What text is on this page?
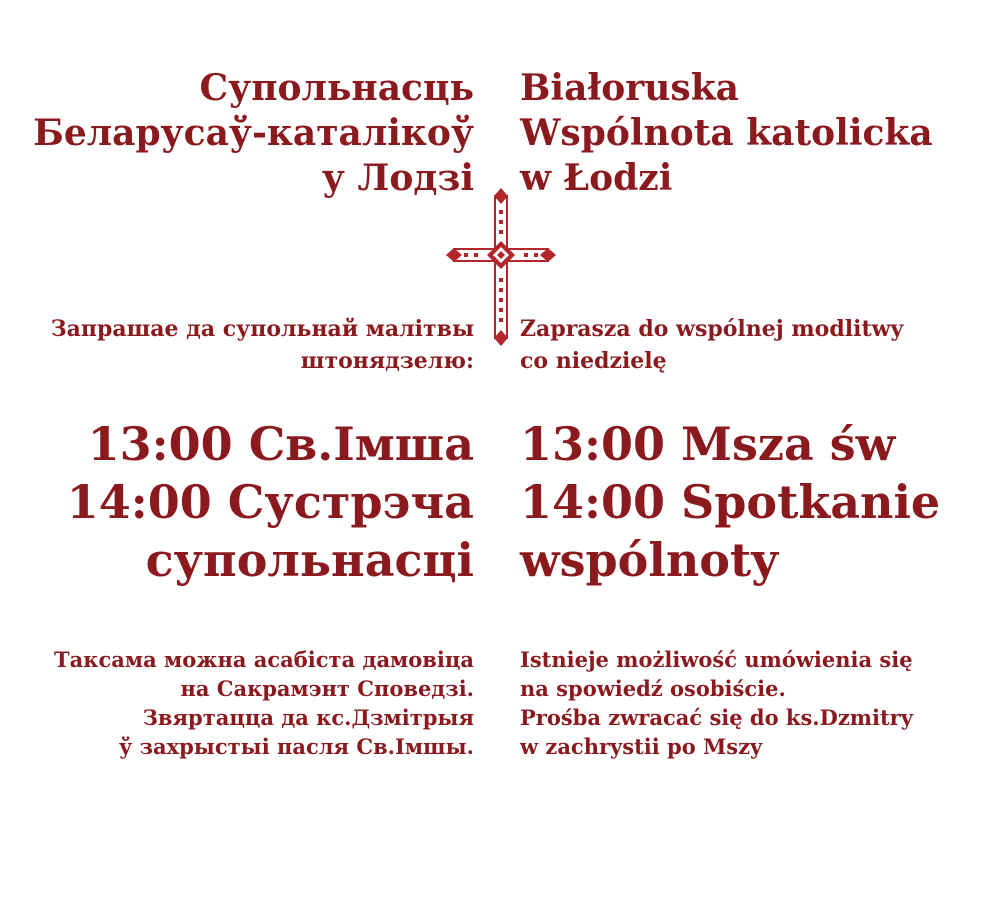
Супольнасць
Беларусаў-каталікоў
у Лодзі
Запрашае да супольнай малітвы
штонядзелю:
13:00 Св.Імша
14:00 Сустрэча
супольнасці
Таксама можна асабіста дамовіца
на Сакрамэнт Споведзі.
Звяртацца да кс.Дзмітрыя
ў захрыстыі пасля Св.Імшы.
Białoruska
Wspólnota katolicka
w Łodzi
Zaprasza do wspólnej modlitwy
co niedzielę
13:00 Msza św
14:00 Spotkanie
wspólnoty
Istnieje możliwość umówienia się
na spowiedź osobiście.
Prośba zwracać się do ks.Dzmitry
w zachrystii po Mszy
